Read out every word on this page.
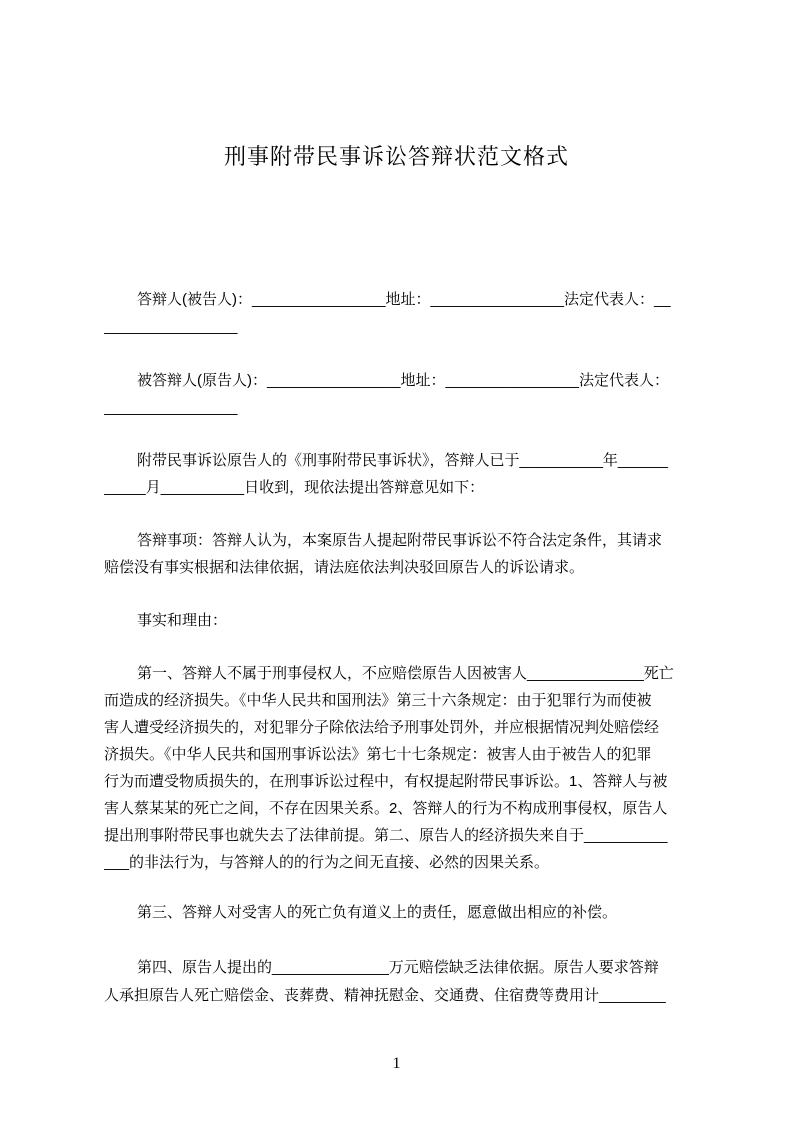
刑事附带民事诉讼答辩状范文格式
答辩人(被告人)：________________地址：________________法定代表人：__
________________
被答辩人(原告人)：________________地址：________________法定代表人：
________________
附带民事诉讼原告人的《刑事附带民事诉状》，答辩人已于__________年______
_____月__________日收到，现依法提出答辩意见如下：
答辩事项：答辩人认为，本案原告人提起附带民事诉讼不符合法定条件，其请求
赔偿没有事实根据和法律依据，请法庭依法判决驳回原告人的诉讼请求。
事实和理由：
第一、答辩人不属于刑事侵权人，不应赔偿原告人因被害人______________死亡
而造成的经济损失。《中华人民共和国刑法》第三十六条规定：由于犯罪行为而使被
害人遭受经济损失的，对犯罪分子除依法给予刑事处罚外，并应根据情况判处赔偿经
济损失。《中华人民共和国刑事诉讼法》第七十七条规定：被害人由于被告人的犯罪
行为而遭受物质损失的，在刑事诉讼过程中，有权提起附带民事诉讼。1、答辩人与被
害人蔡某某的死亡之间，不存在因果关系。2、答辩人的行为不构成刑事侵权，原告人
提出刑事附带民事也就失去了法律前提。第二、原告人的经济损失来自于__________
___的非法行为，与答辩人的的行为之间无直接、必然的因果关系。
第三、答辩人对受害人的死亡负有道义上的责任，愿意做出相应的补偿。
第四、原告人提出的______________万元赔偿缺乏法律依据。原告人要求答辩
人承担原告人死亡赔偿金、丧葬费、精神抚慰金、交通费、住宿费等费用计________
1
